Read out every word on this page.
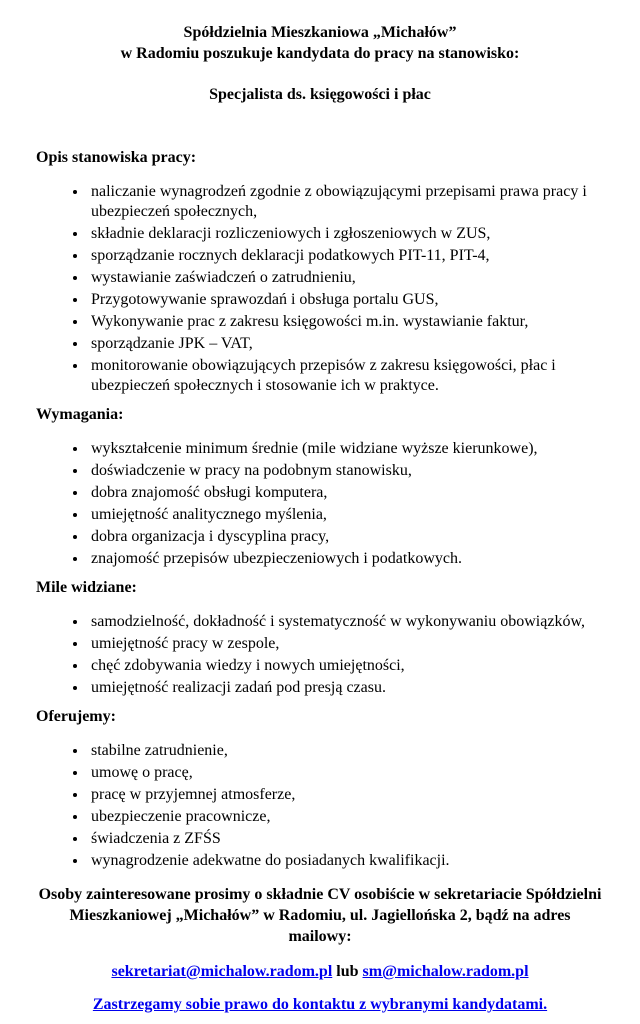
Spółdzielnia Mieszkaniowa „Michałów”
w Radomiu poszukuje kandydata do pracy na stanowisko:
Specjalista ds. księgowości i płac
Opis stanowiska pracy:
• naliczanie wynagrodzeń zgodnie z obowiązującymi przepisami prawa pracy i ubezpieczeń społecznych,
• składnie deklaracji rozliczeniowych i zgłoszeniowych w ZUS,
• sporządzanie rocznych deklaracji podatkowych PIT-11, PIT-4,
• wystawianie zaświadczeń o zatrudnieniu,
• Przygotowywanie sprawozdań i obsługa portalu GUS,
• Wykonywanie prac z zakresu księgowości m.in. wystawianie faktur,
• sporządzanie JPK – VAT,
• monitorowanie obowiązujących przepisów z zakresu księgowości, płac i ubezpieczeń społecznych i stosowanie ich w praktyce.
Wymagania:
• wykształcenie minimum średnie (mile widziane wyższe kierunkowe),
• doświadczenie w pracy na podobnym stanowisku,
• dobra znajomość obsługi komputera,
• umiejętność analitycznego myślenia,
• dobra organizacja i dyscyplina pracy,
• znajomość przepisów ubezpieczeniowych i podatkowych.
Mile widziane:
• samodzielność, dokładność i systematyczność w wykonywaniu obowiązków,
• umiejętność pracy w zespole,
• chęć zdobywania wiedzy i nowych umiejętności,
• umiejętność realizacji zadań pod presją czasu.
Oferujemy:
• stabilne zatrudnienie,
• umowę o pracę,
• pracę w przyjemnej atmosferze,
• ubezpieczenie pracownicze,
• świadczenia z ZFŚS
• wynagrodzenie adekwatne do posiadanych kwalifikacji.
Osoby zainteresowane prosimy o składnie CV osobiście w sekretariacie Spółdzielni
Mieszkaniowej „Michałów” w Radomiu, ul. Jagiellońska 2, bądź na adres mailowy:
sekretariat@michalow.radom.pl lub sm@michalow.radom.pl
Zastrzegamy sobie prawo do kontaktu z wybranymi kandydatami.
